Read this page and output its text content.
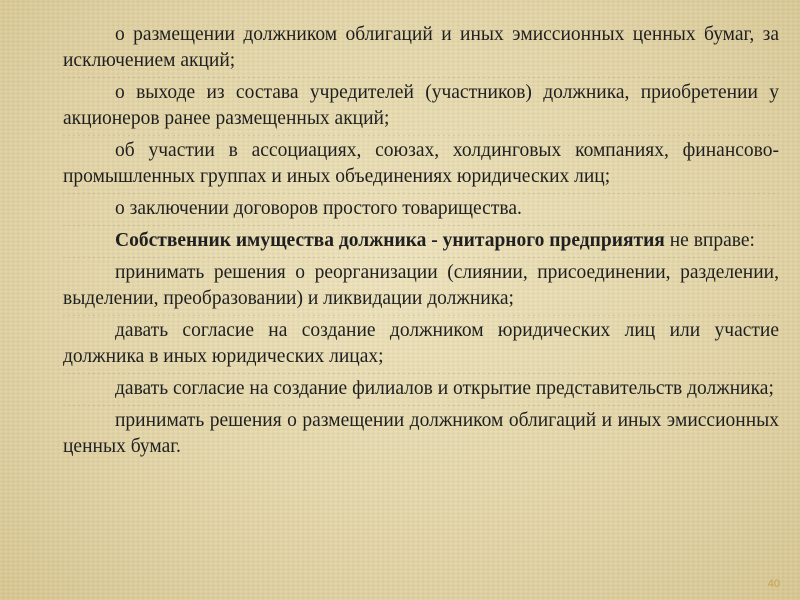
о размещении должником облигаций и иных эмиссионных ценных бумаг, за исключением акций;

о выходе из состава учредителей (участников) должника, приобретении у акционеров ранее размещенных акций;

об участии в ассоциациях, союзах, холдинговых компаниях, финансово-промышленных группах и иных объединениях юридических лиц;

о заключении договоров простого товарищества.

Собственник имущества должника - унитарного предприятия не вправе:

принимать решения о реорганизации (слиянии, присоединении, разделении, выделении, преобразовании) и ликвидации должника;

давать согласие на создание должником юридических лиц или участие должника в иных юридических лицах;

давать согласие на создание филиалов и открытие представительств должника;

принимать решения о размещении должником облигаций и иных эмиссионных ценных бумаг.

40
